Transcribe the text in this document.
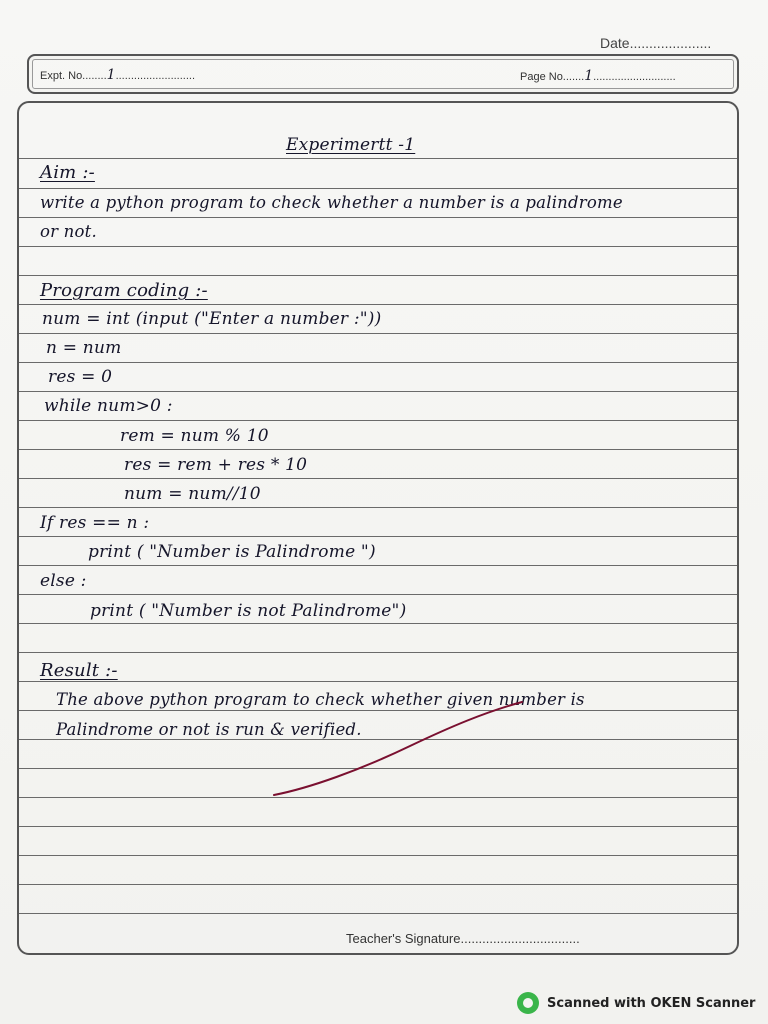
Date.....................
Expt. No........1..........................	Page No.......1...........................
Experimertt -1
Aim :-
write a python program to check whether a number is a palindrome
or not.
Program coding :-
num = int (input ("Enter a number :"))
n = num
res = 0
while num>0 :
rem = num % 10
res = rem + res * 10
num = num//10
If res == n :
print ( "Number is Palindrome ")
else :
print ( "Number is not Palindrome")
Result :-
The above python program to check whether given number is
Palindrome or not is run & verified.
Teacher's Signature.................................
Scanned with OKEN Scanner
